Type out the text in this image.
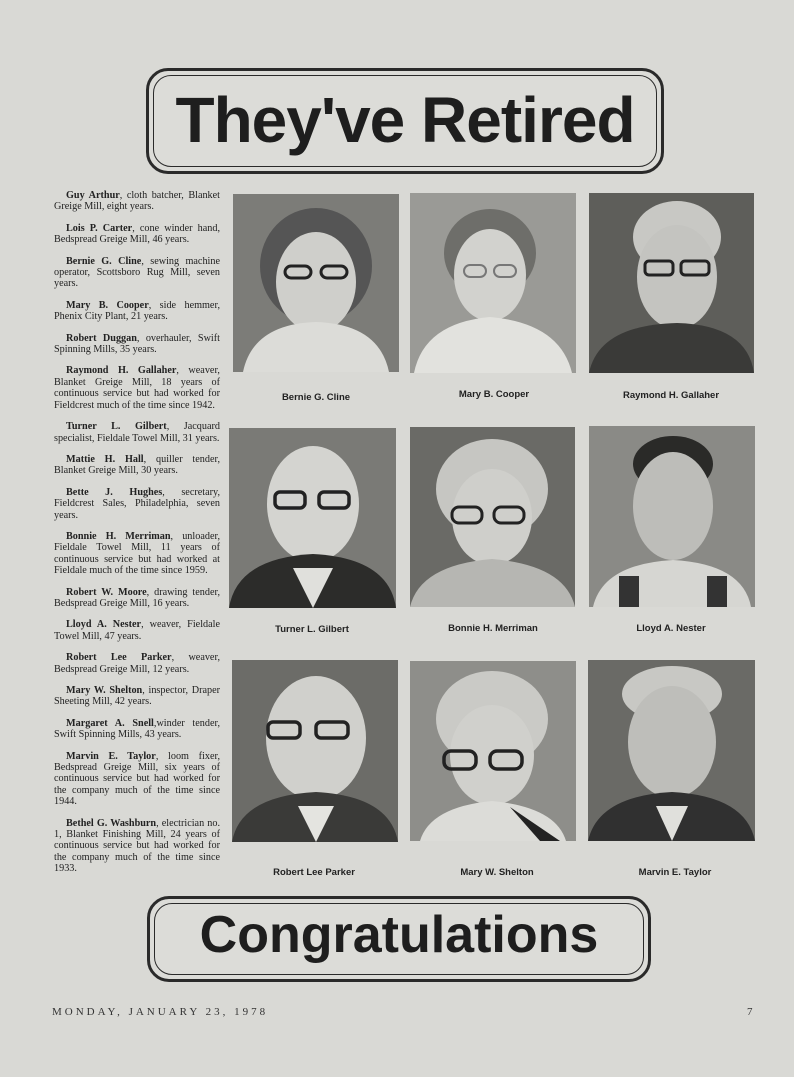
They've Retired

Guy Arthur, cloth batcher, Blanket Greige Mill, eight years.

Lois P. Carter, cone winder hand, Bedspread Greige Mill, 46 years.

Bernie G. Cline, sewing machine operator, Scottsboro Rug Mill, seven years.

Mary B. Cooper, side hemmer, Phenix City Plant, 21 years.

Robert Duggan, overhauler, Swift Spinning Mills, 35 years.

Raymond H. Gallaher, weaver, Blanket Greige Mill, 18 years of continuous service but had worked for Fieldcrest much of the time since 1942.

Turner L. Gilbert, Jacquard specialist, Fieldale Towel Mill, 31 years.

Mattie H. Hall, quiller tender, Blanket Greige Mill, 30 years.

Bette J. Hughes, secretary, Fieldcrest Sales, Philadelphia, seven years.

Bonnie H. Merriman, unloader, Fieldale Towel Mill, 11 years of continuous service but had worked at Fieldale much of the time since 1959.

Robert W. Moore, drawing tender, Bedspread Greige Mill, 16 years.

Lloyd A. Nester, weaver, Fieldale Towel Mill, 47 years.

Robert Lee Parker, weaver, Bedspread Greige Mill, 12 years.

Mary W. Shelton, inspector, Draper Sheeting Mill, 42 years.

Margaret A. Snell,winder tender, Swift Spinning Mills, 43 years.

Marvin E. Taylor, loom fixer, Bedspread Greige Mill, six years of continuous service but had worked for the company much of the time since 1944.

Bethel G. Washburn, electrician no. 1, Blanket Finishing Mill, 24 years of continuous service but had worked for the company much of the time since 1933.

Bernie G. Cline	Mary B. Cooper	Raymond H. Gallaher
Turner L. Gilbert	Bonnie H. Merriman	Lloyd A. Nester
Robert Lee Parker	Mary W. Shelton	Marvin E. Taylor
Congratulations
MONDAY, JANUARY 23, 1978	7
